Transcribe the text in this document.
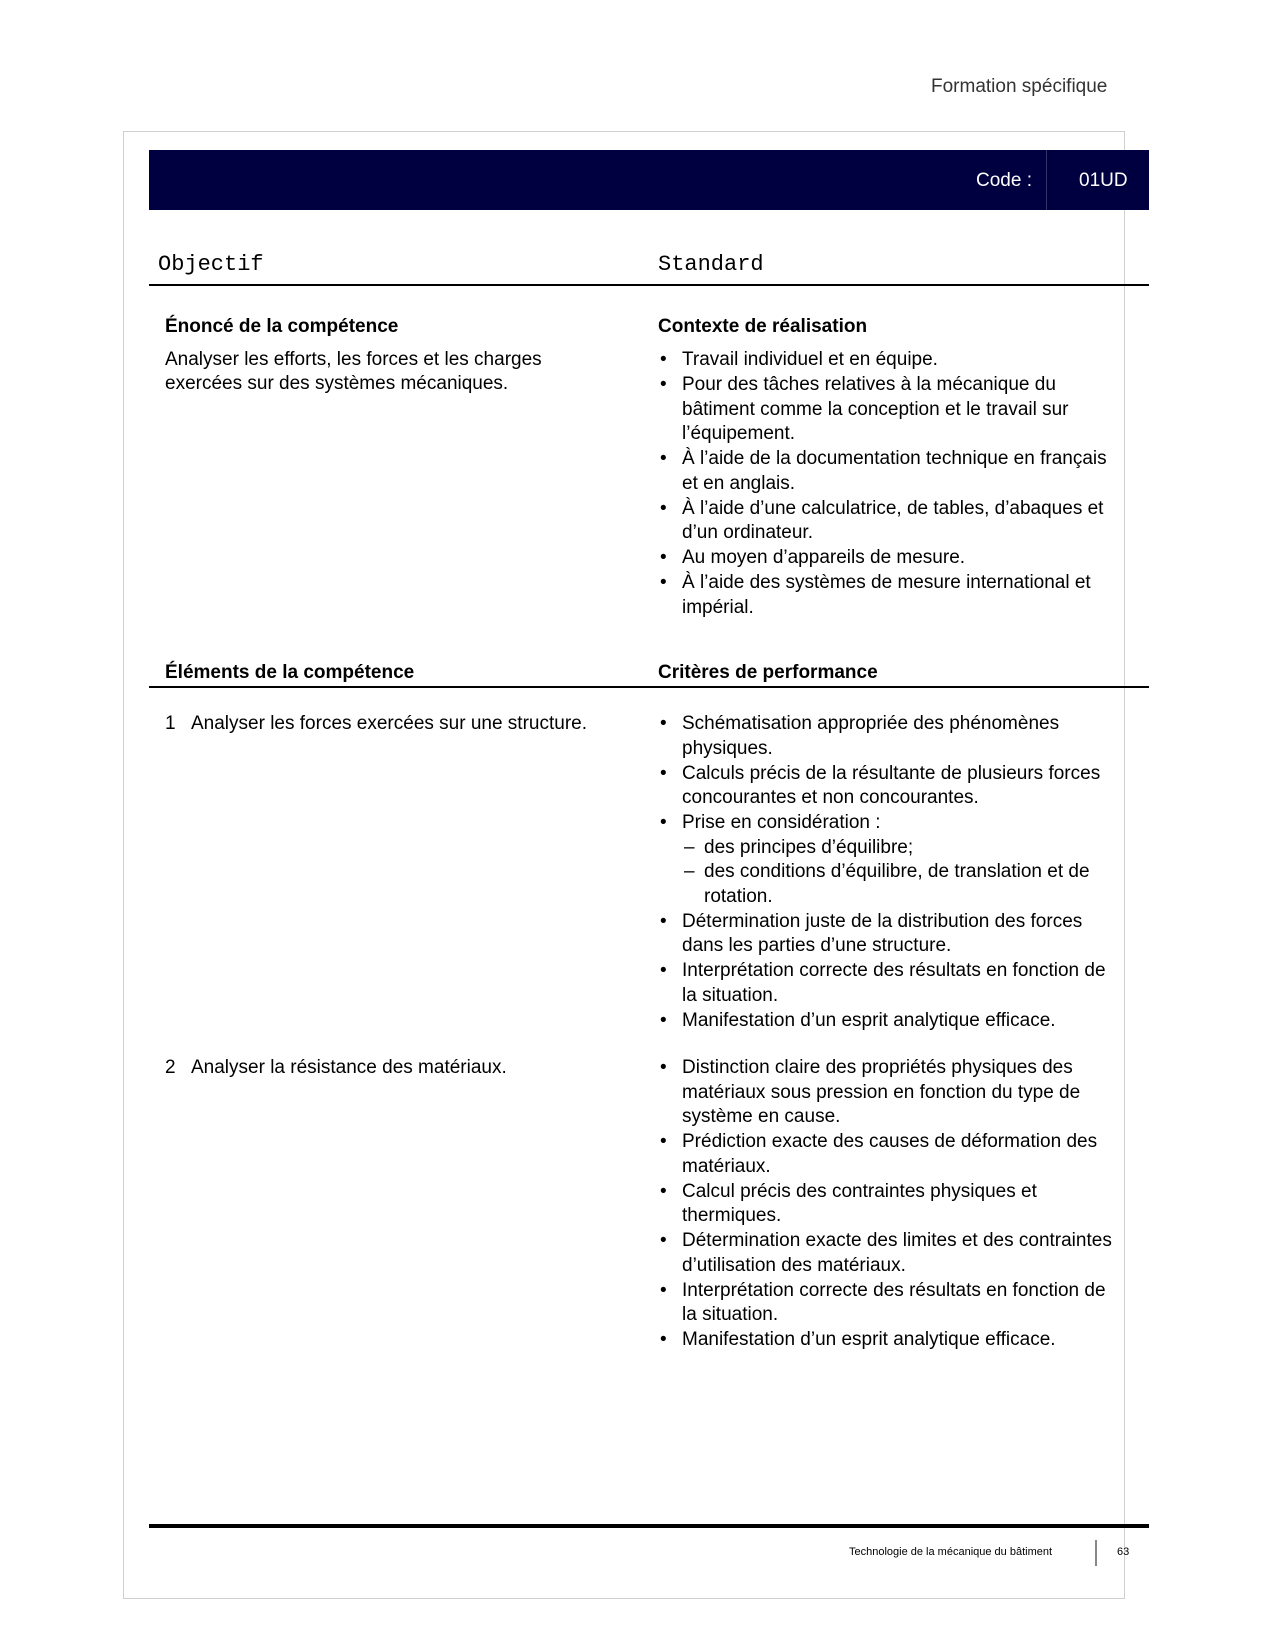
Formation spécifique
Code : 01UD
Objectif	Standard
Énoncé de la compétence	Contexte de réalisation
Analyser les efforts, les forces et les charges
exercées sur des systèmes mécaniques.
• Travail individuel et en équipe.
• Pour des tâches relatives à la mécanique du bâtiment comme la conception et le travail sur l’équipement.
• À l’aide de la documentation technique en français et en anglais.
• À l’aide d’une calculatrice, de tables, d’abaques et d’un ordinateur.
• Au moyen d’appareils de mesure.
• À l’aide des systèmes de mesure international et impérial.
Éléments de la compétence	Critères de performance
1 Analyser les forces exercées sur une structure.	• Schématisation appropriée des phénomènes physiques.
• Calculs précis de la résultante de plusieurs forces concourantes et non concourantes.
• Prise en considération :
– des principes d’équilibre;
– des conditions d’équilibre, de translation et de rotation.
• Détermination juste de la distribution des forces dans les parties d’une structure.
• Interprétation correcte des résultats en fonction de la situation.
• Manifestation d’un esprit analytique efficace.
2 Analyser la résistance des matériaux.	• Distinction claire des propriétés physiques des matériaux sous pression en fonction du type de système en cause.
• Prédiction exacte des causes de déformation des matériaux.
• Calcul précis des contraintes physiques et thermiques.
• Détermination exacte des limites et des contraintes d’utilisation des matériaux.
• Interprétation correcte des résultats en fonction de la situation.
• Manifestation d’un esprit analytique efficace.
Technologie de la mécanique du bâtiment	63
